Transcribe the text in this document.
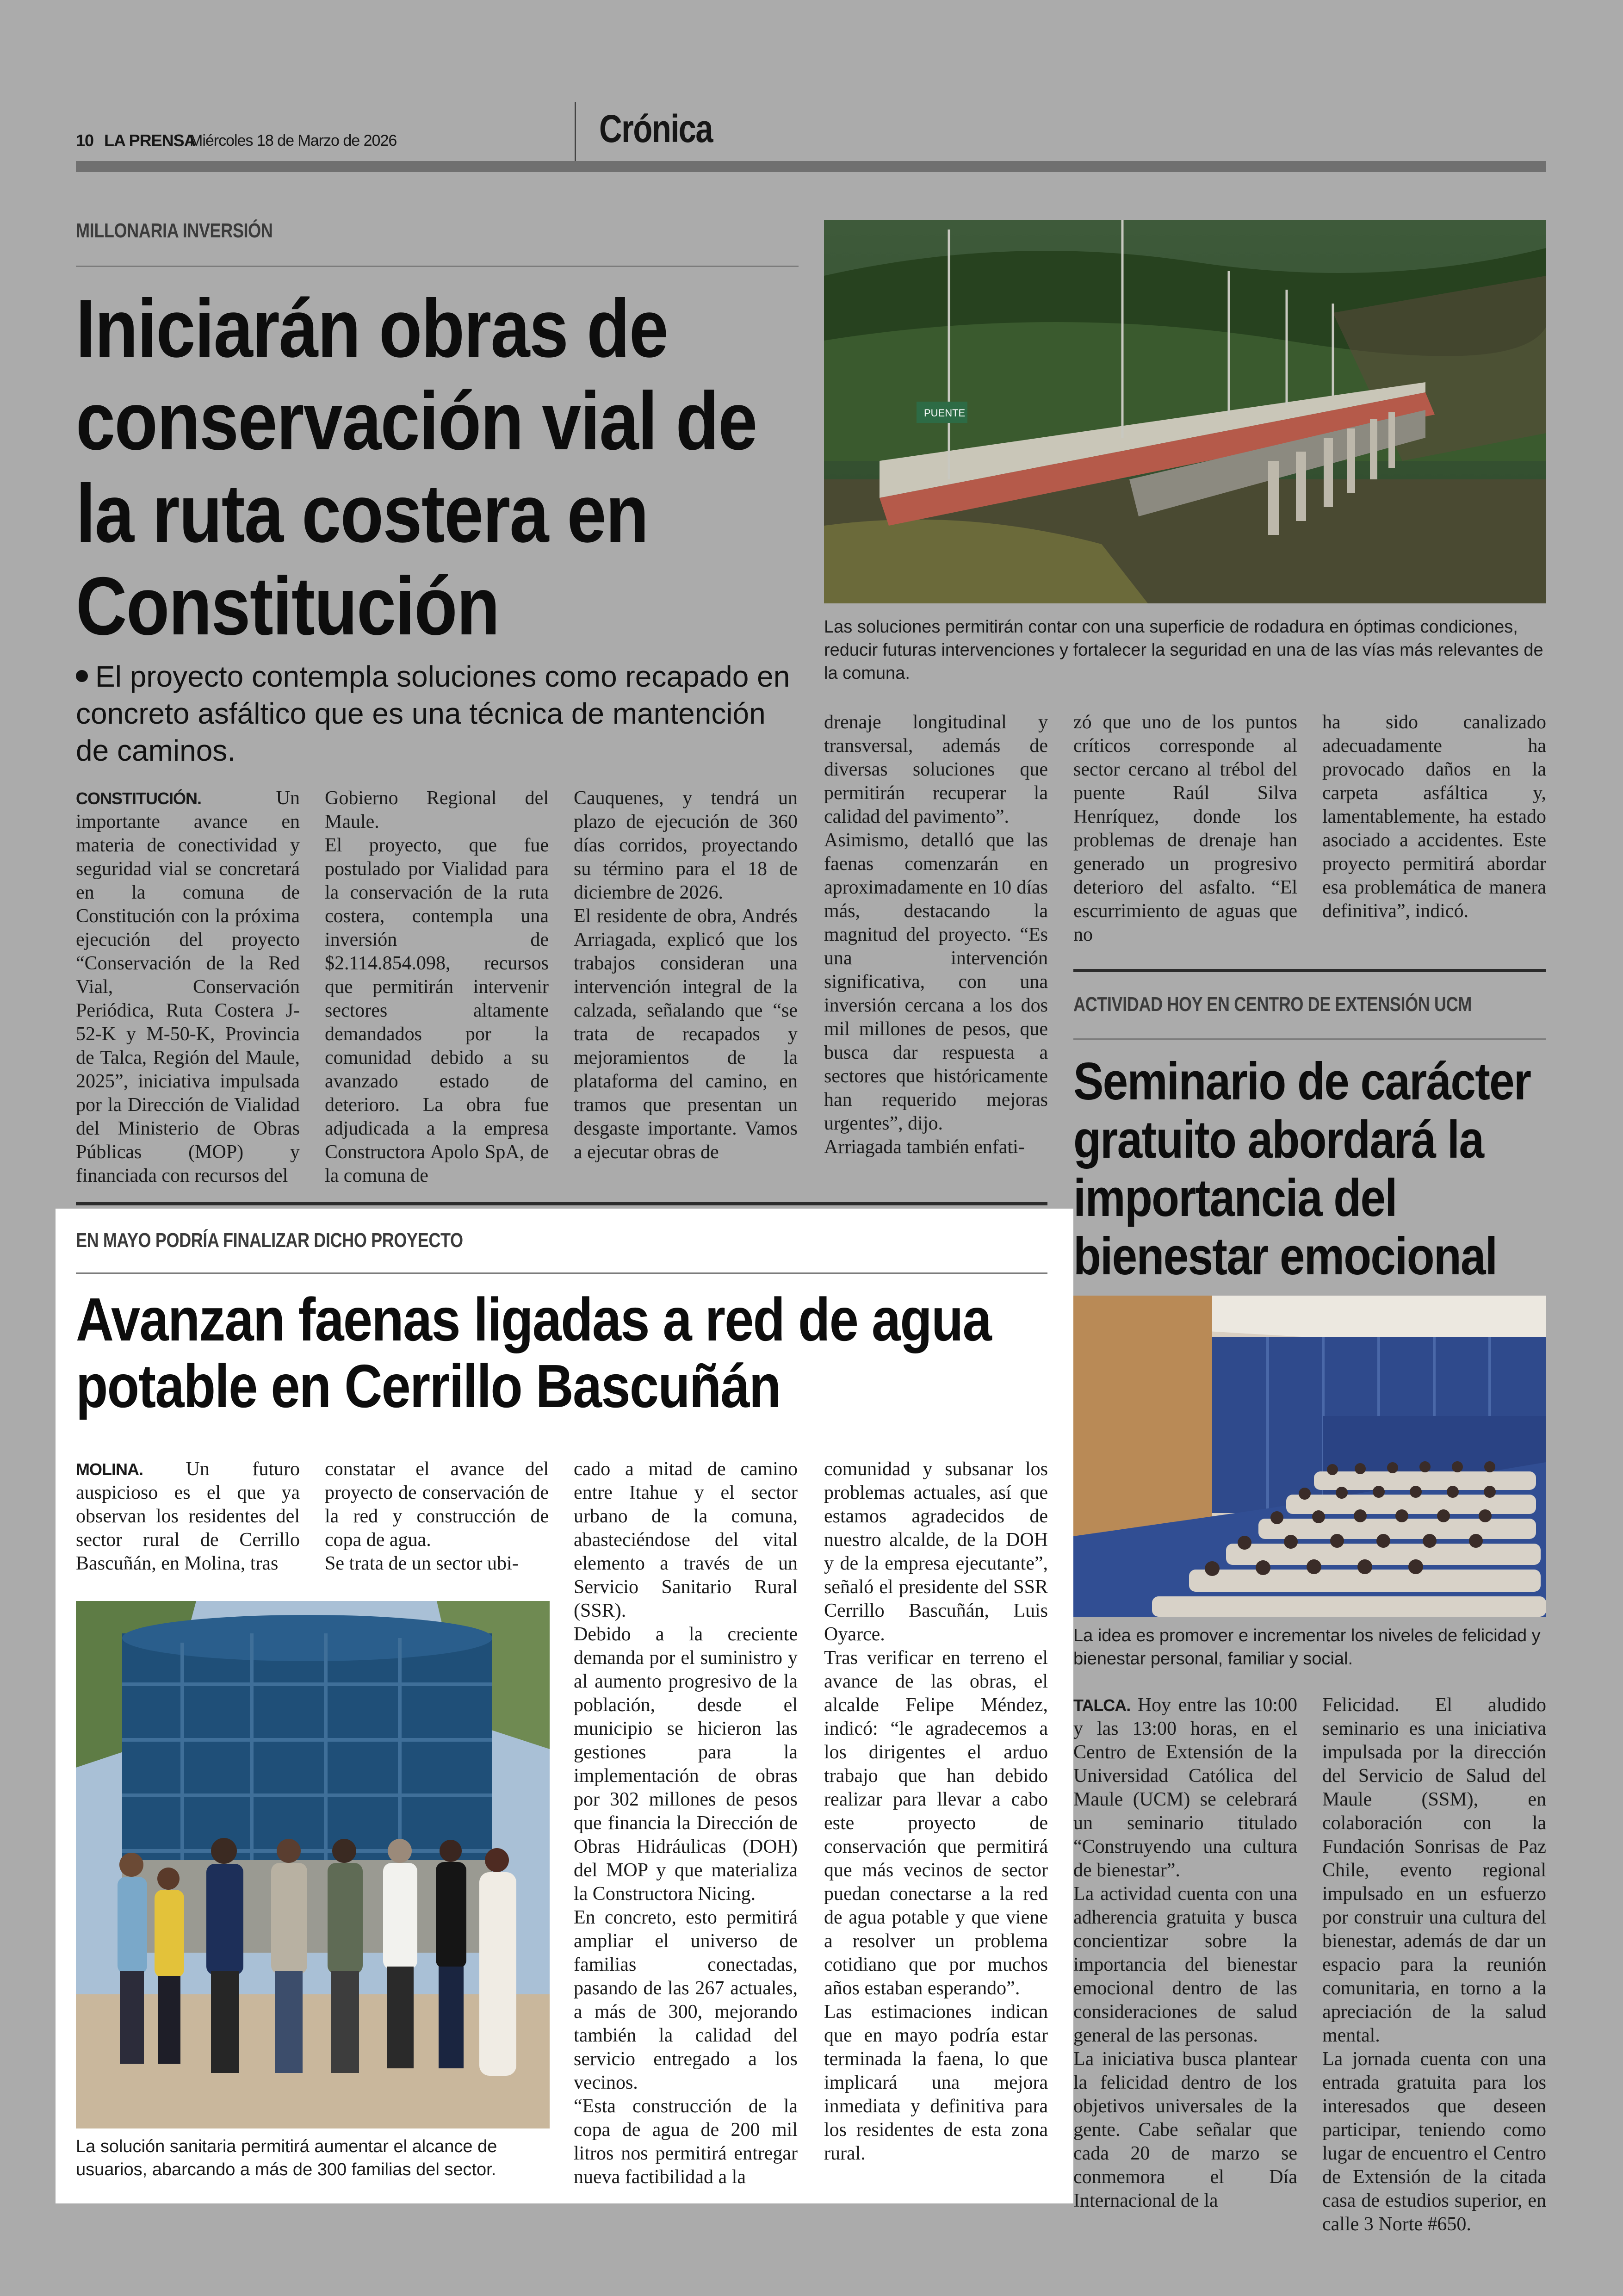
10 LA PRENSA
Miércoles 18 de Marzo de 2026	Crónica
MILLONARIA INVERSIÓN
Iniciarán obras de conservación vial de la ruta costera en Constitución
El proyecto contempla soluciones como recapado en concreto asfáltico que es una técnica de mantención de caminos.
PUENTE
Las soluciones permitirán contar con una superficie de rodadura en óptimas condiciones, reducir futuras intervenciones y fortalecer la seguridad en una de las vías más relevantes de la comuna.
CONSTITUCIÓN. Un importante avance en materia de conectividad y seguridad vial se concretará en la comuna de Constitución con la próxima ejecución del proyecto “Conservación de la Red Vial, Conservación Periódica, Ruta Costera J-52-K y M-50-K, Provincia de Talca, Región del Maule, 2025”, iniciativa impulsada por la Dirección de Vialidad del Ministerio de Obras Públicas (MOP) y financiada con recursos del
Gobierno Regional del Maule.
El proyecto, que fue postulado por Vialidad para la conservación de la ruta costera, contempla una inversión de $2.114.854.098, recursos que permitirán intervenir sectores altamente demandados por la comunidad debido a su avanzado estado de deterioro. La obra fue adjudicada a la empresa Constructora Apolo SpA, de la comuna de
Cauquenes, y tendrá un plazo de ejecución de 360 días corridos, proyectando su término para el 18 de diciembre de 2026.
El residente de obra, Andrés Arriagada, explicó que los trabajos consideran una intervención integral de la calzada, señalando que “se trata de recapados y mejoramientos de la plataforma del camino, en tramos que presentan un desgaste importante. Vamos a ejecutar obras de
drenaje longitudinal y transversal, además de diversas soluciones que permitirán recuperar la calidad del pavimento”.
Asimismo, detalló que las faenas comenzarán en aproximadamente en 10 días más, destacando la magnitud del proyecto. “Es una intervención significativa, con una inversión cercana a los dos mil millones de pesos, que busca dar respuesta a sectores que históricamente han requerido mejoras urgentes”, dijo.
Arriagada también enfati-
zó que uno de los puntos críticos corresponde al sector cercano al trébol del puente Raúl Silva Henríquez, donde los problemas de drenaje han generado un progresivo deterioro del asfalto. “El escurrimiento de aguas que no
ha sido canalizado adecuadamente ha provocado daños en la carpeta asfáltica y, lamentablemente, ha estado asociado a accidentes. Este proyecto permitirá abordar esa problemática de manera definitiva”, indicó.
EN MAYO PODRÍA FINALIZAR DICHO PROYECTO
Avanzan faenas ligadas a red de agua potable en Cerrillo Bascuñán
MOLINA. Un futuro auspicioso es el que ya observan los residentes del sector rural de Cerrillo Bascuñán, en Molina, tras
constatar el avance del proyecto de conservación de la red y construcción de copa de agua.
Se trata de un sector ubi-
cado a mitad de camino entre Itahue y el sector urbano de la comuna, abasteciéndose del vital elemento a través de un Servicio Sanitario Rural (SSR).
Debido a la creciente demanda por el suministro y al aumento progresivo de la población, desde el municipio se hicieron las gestiones para la implementación de obras por 302 millones de pesos que financia la Dirección de Obras Hidráulicas (DOH) del MOP y que materializa la Constructora Nicing.
En concreto, esto permitirá ampliar el universo de familias conectadas, pasando de las 267 actuales, a más de 300, mejorando también la calidad del servicio entregado a los vecinos.
“Esta construcción de la copa de agua de 200 mil litros nos permitirá entregar nueva factibilidad a la
comunidad y subsanar los problemas actuales, así que estamos agradecidos de nuestro alcalde, de la DOH y de la empresa ejecutante”, señaló el presidente del SSR Cerrillo Bascuñán, Luis Oyarce.
Tras verificar en terreno el avance de las obras, el alcalde Felipe Méndez, indicó: “le agradecemos a los dirigentes el arduo trabajo que han debido realizar para llevar a cabo este proyecto de conservación que permitirá que más vecinos de sector puedan conectarse a la red de agua potable y que viene a resolver un problema cotidiano que por muchos años estaban esperando”.
Las estimaciones indican que en mayo podría estar terminada la faena, lo que implicará una mejora inmediata y definitiva para los residentes de esta zona rural.
La solución sanitaria permitirá aumentar el alcance de usuarios, abarcando a más de 300 familias del sector.
ACTIVIDAD HOY EN CENTRO DE EXTENSIÓN UCM
Seminario de carácter gratuito abordará la importancia del bienestar emocional
La idea es promover e incrementar los niveles de felicidad y bienestar personal, familiar y social.
TALCA. Hoy entre las 10:00 y las 13:00 horas, en el Centro de Extensión de la Universidad Católica del Maule (UCM) se celebrará un seminario titulado “Construyendo una cultura de bienestar”.
La actividad cuenta con una adherencia gratuita y busca concientizar sobre la importancia del bienestar emocional dentro de las consideraciones de salud general de las personas.
La iniciativa busca plantear la felicidad dentro de los objetivos universales de la gente. Cabe señalar que cada 20 de marzo se conmemora el Día Internacional de la
Felicidad. El aludido seminario es una iniciativa impulsada por la dirección del Servicio de Salud del Maule (SSM), en colaboración con la Fundación Sonrisas de Paz Chile, evento regional impulsado en un esfuerzo por construir una cultura del bienestar, además de dar un espacio para la reunión comunitaria, en torno a la apreciación de la salud mental.
La jornada cuenta con una entrada gratuita para los interesados que deseen participar, teniendo como lugar de encuentro el Centro de Extensión de la citada casa de estudios superior, en calle 3 Norte #650.
